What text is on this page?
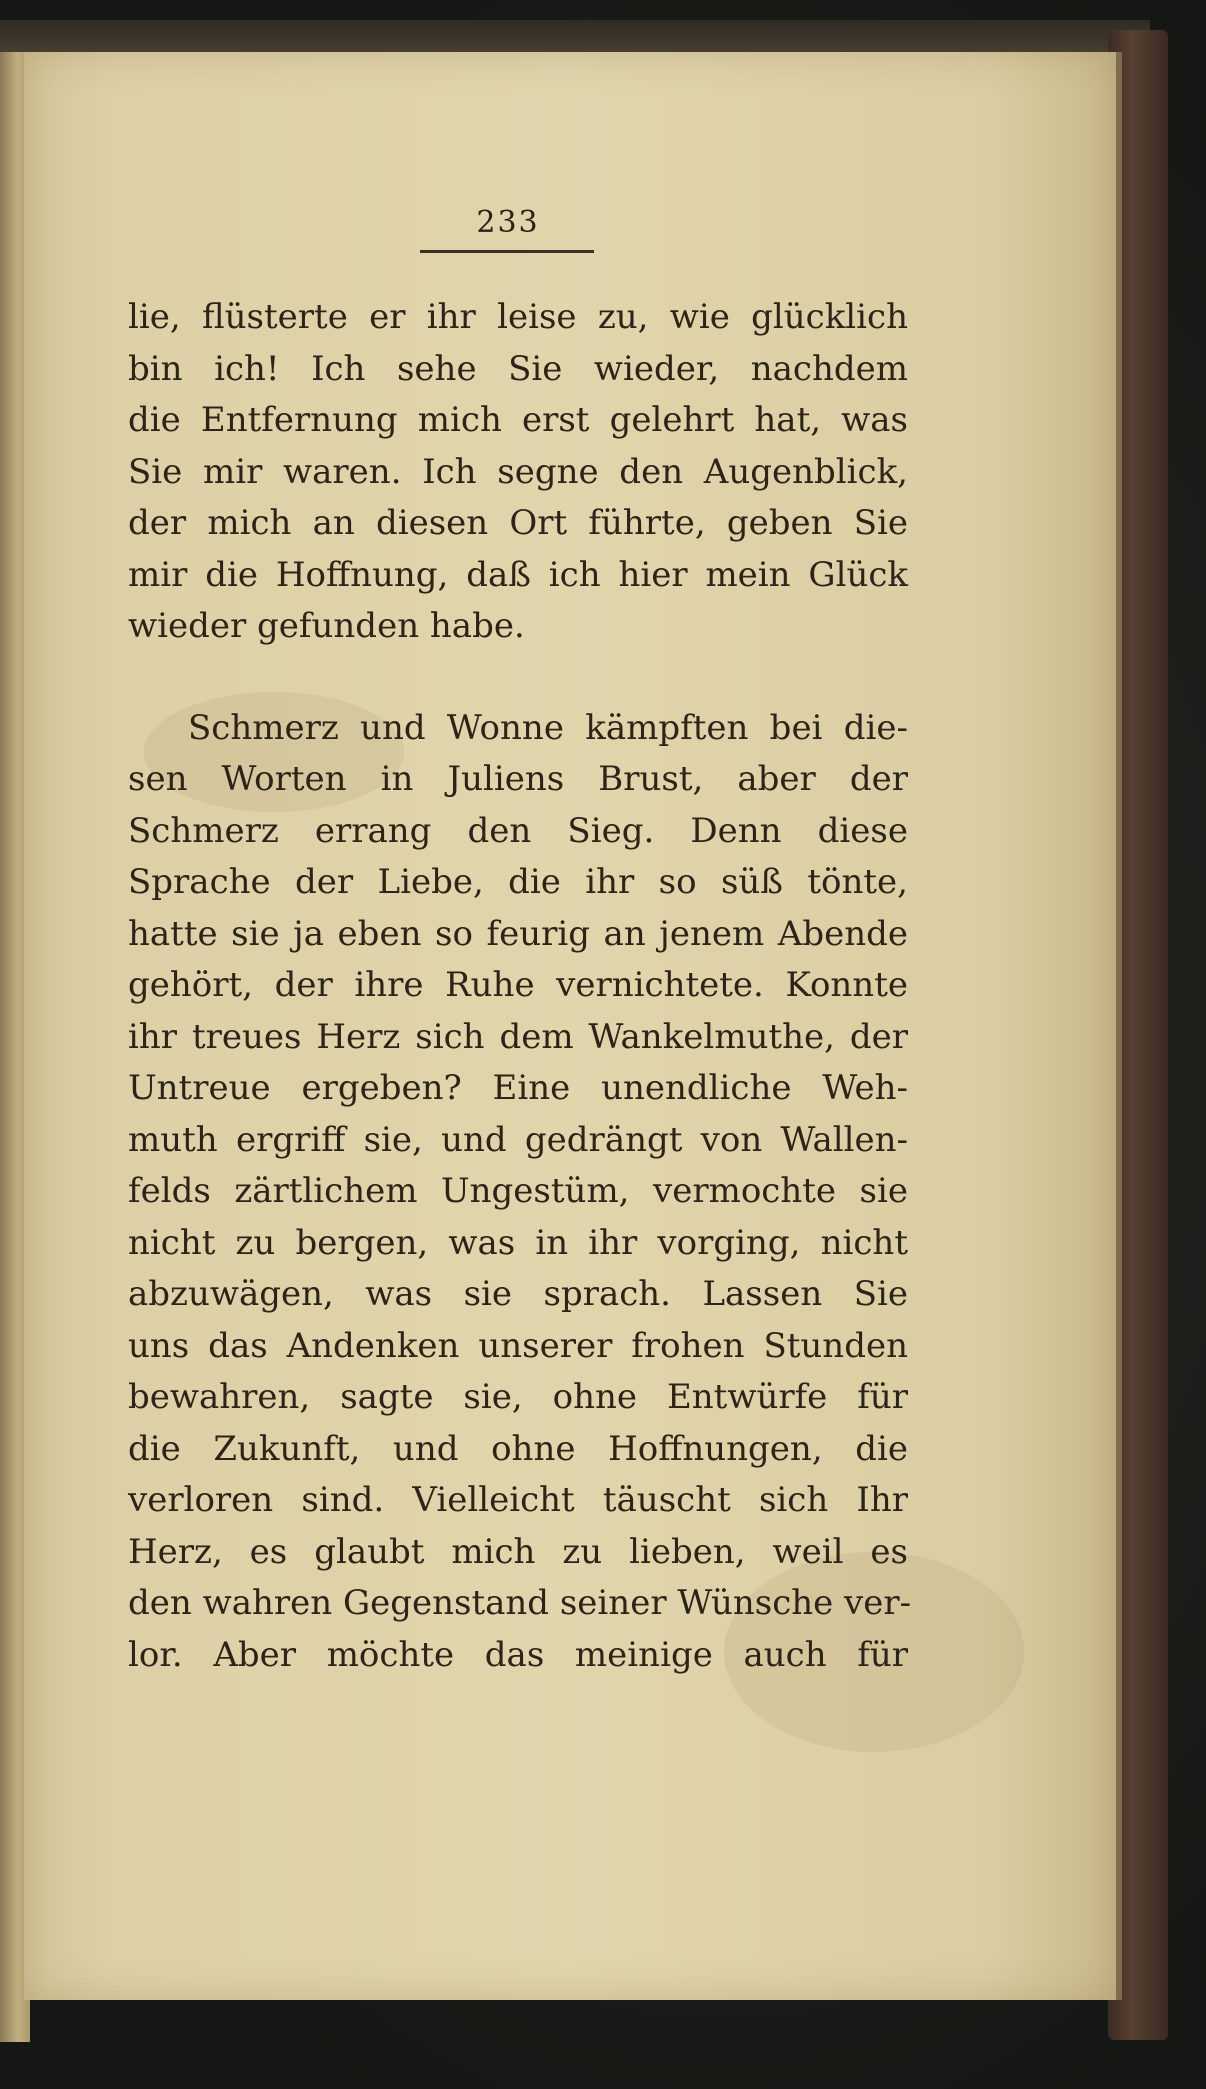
233
lie, flüsterte er ihr leise zu, wie glücklich
bin ich! Ich sehe Sie wieder, nachdem
die Entfernung mich erst gelehrt hat, was
Sie mir waren. Ich segne den Augenblick,
der mich an diesen Ort führte, geben Sie
mir die Hoffnung, daß ich hier mein Glück
wieder gefunden habe.
Schmerz und Wonne kämpften bei die-
sen Worten in Juliens Brust, aber der
Schmerz errang den Sieg. Denn diese
Sprache der Liebe, die ihr so süß tönte,
hatte sie ja eben so feurig an jenem Abende
gehört, der ihre Ruhe vernichtete. Konnte
ihr treues Herz sich dem Wankelmuthe, der
Untreue ergeben? Eine unendliche Weh-
muth ergriff sie, und gedrängt von Wallen-
felds zärtlichem Ungestüm, vermochte sie
nicht zu bergen, was in ihr vorging, nicht
abzuwägen, was sie sprach. Lassen Sie
uns das Andenken unserer frohen Stunden
bewahren, sagte sie, ohne Entwürfe für
die Zukunft, und ohne Hoffnungen, die
verloren sind. Vielleicht täuscht sich Ihr
Herz, es glaubt mich zu lieben, weil es
den wahren Gegenstand seiner Wünsche ver-
lor. Aber möchte das meinige auch für
